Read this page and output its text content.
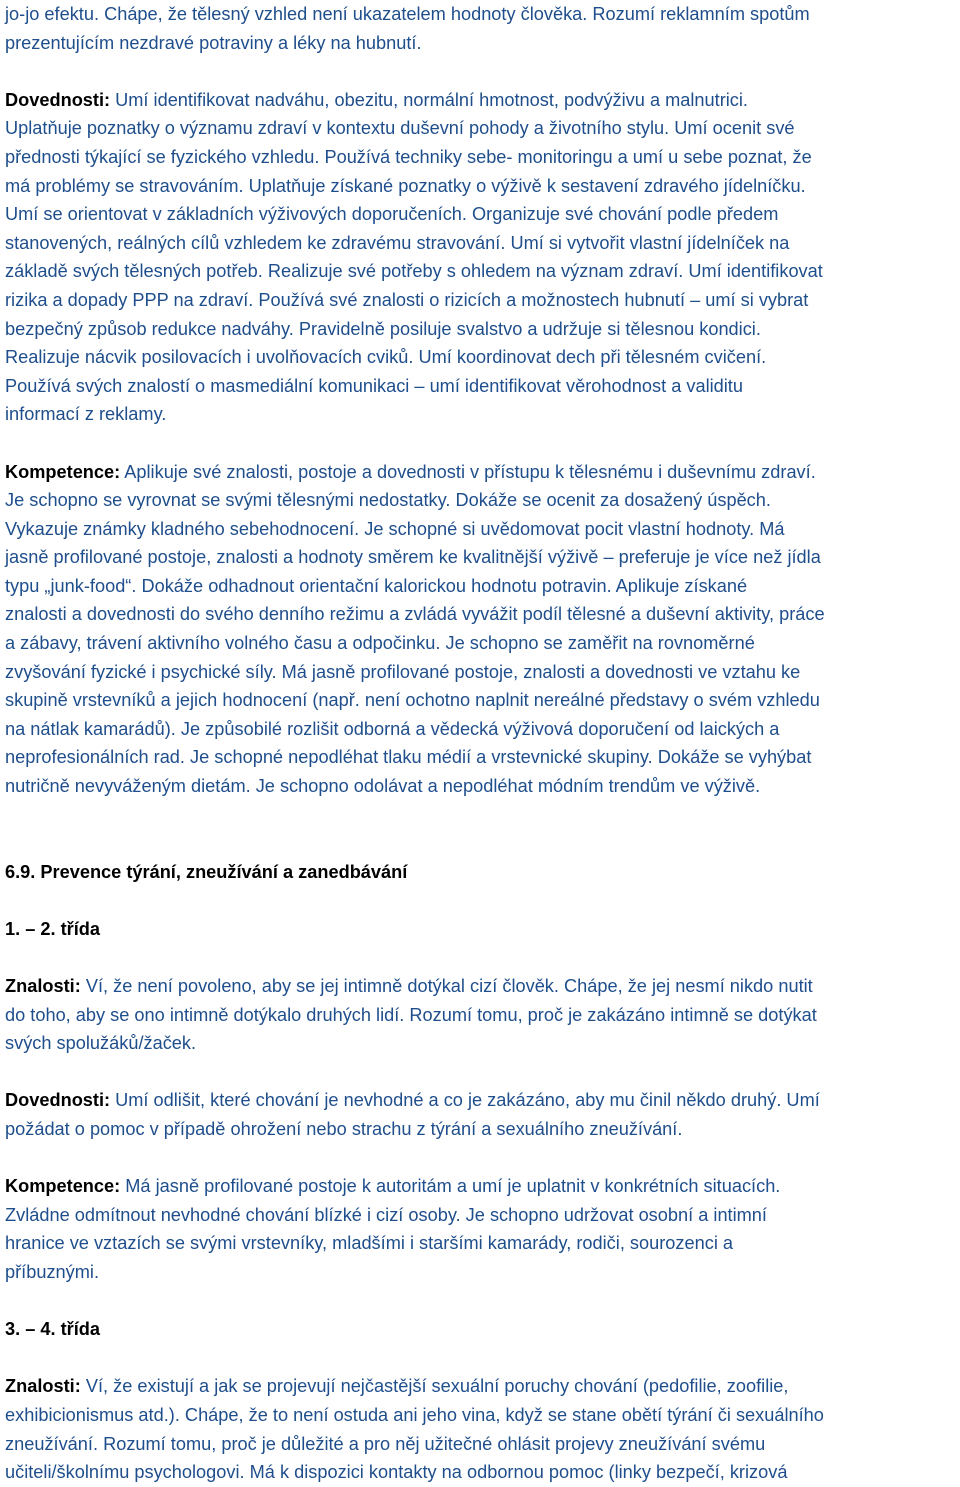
jo-jo efektu. Chápe, že tělesný vzhled není ukazatelem hodnoty člověka. Rozumí reklamním spotům
prezentujícím nezdravé potraviny a léky na hubnutí.

Dovednosti: Umí identifikovat nadváhu, obezitu, normální hmotnost, podvýživu a malnutrici.
Uplatňuje poznatky o významu zdraví v kontextu duševní pohody a životního stylu. Umí ocenit své
přednosti týkající se fyzického vzhledu. Používá techniky sebe- monitoringu a umí u sebe poznat, že
má problémy se stravováním. Uplatňuje získané poznatky o výživě k sestavení zdravého jídelníčku.
Umí se orientovat v základních výživových doporučeních. Organizuje své chování podle předem
stanovených, reálných cílů vzhledem ke zdravému stravování. Umí si vytvořit vlastní jídelníček na
základě svých tělesných potřeb. Realizuje své potřeby s ohledem na význam zdraví. Umí identifikovat
rizika a dopady PPP na zdraví. Používá své znalosti o rizicích a možnostech hubnutí – umí si vybrat
bezpečný způsob redukce nadváhy. Pravidelně posiluje svalstvo a udržuje si tělesnou kondici.
Realizuje nácvik posilovacích i uvolňovacích cviků. Umí koordinovat dech při tělesném cvičení.
Používá svých znalostí o masmediální komunikaci – umí identifikovat věrohodnost a validitu
informací z reklamy.

Kompetence: Aplikuje své znalosti, postoje a dovednosti v přístupu k tělesnému i duševnímu zdraví.
Je schopno se vyrovnat se svými tělesnými nedostatky. Dokáže se ocenit za dosažený úspěch.
Vykazuje známky kladného sebehodnocení. Je schopné si uvědomovat pocit vlastní hodnoty. Má
jasně profilované postoje, znalosti a hodnoty směrem ke kvalitnější výživě – preferuje je více než jídla
typu „junk-food“. Dokáže odhadnout orientační kalorickou hodnotu potravin. Aplikuje získané
znalosti a dovednosti do svého denního režimu a zvládá vyvážit podíl tělesné a duševní aktivity, práce
a zábavy, trávení aktivního volného času a odpočinku. Je schopno se zaměřit na rovnoměrné
zvyšování fyzické i psychické síly. Má jasně profilované postoje, znalosti a dovednosti ve vztahu ke
skupině vrstevníků a jejich hodnocení (např. není ochotno naplnit nereálné představy o svém vzhledu
na nátlak kamarádů). Je způsobilé rozlišit odborná a vědecká výživová doporučení od laických a
neprofesionálních rad. Je schopné nepodléhat tlaku médií a vrstevnické skupiny. Dokáže se vyhýbat
nutričně nevyváženým dietám. Je schopno odolávat a nepodléhat módním trendům ve výživě.

6.9. Prevence týrání, zneužívání a zanedbávání

1. – 2. třída

Znalosti: Ví, že není povoleno, aby se jej intimně dotýkal cizí člověk. Chápe, že jej nesmí nikdo nutit
do toho, aby se ono intimně dotýkalo druhých lidí. Rozumí tomu, proč je zakázáno intimně se dotýkat
svých spolužáků/žaček.

Dovednosti: Umí odlišit, které chování je nevhodné a co je zakázáno, aby mu činil někdo druhý. Umí
požádat o pomoc v případě ohrožení nebo strachu z týrání a sexuálního zneužívání.

Kompetence: Má jasně profilované postoje k autoritám a umí je uplatnit v konkrétních situacích.
Zvládne odmítnout nevhodné chování blízké i cizí osoby. Je schopno udržovat osobní a intimní
hranice ve vztazích se svými vrstevníky, mladšími i staršími kamarády, rodiči, sourozenci a
příbuznými.

3. – 4. třída

Znalosti: Ví, že existují a jak se projevují nejčastější sexuální poruchy chování (pedofilie, zoofilie,
exhibicionismus atd.). Chápe, že to není ostuda ani jeho vina, když se stane obětí týrání či sexuálního
zneužívání. Rozumí tomu, proč je důležité a pro něj užitečné ohlásit projevy zneužívání svému
učiteli/školnímu psychologovi. Má k dispozici kontakty na odbornou pomoc (linky bezpečí, krizová
